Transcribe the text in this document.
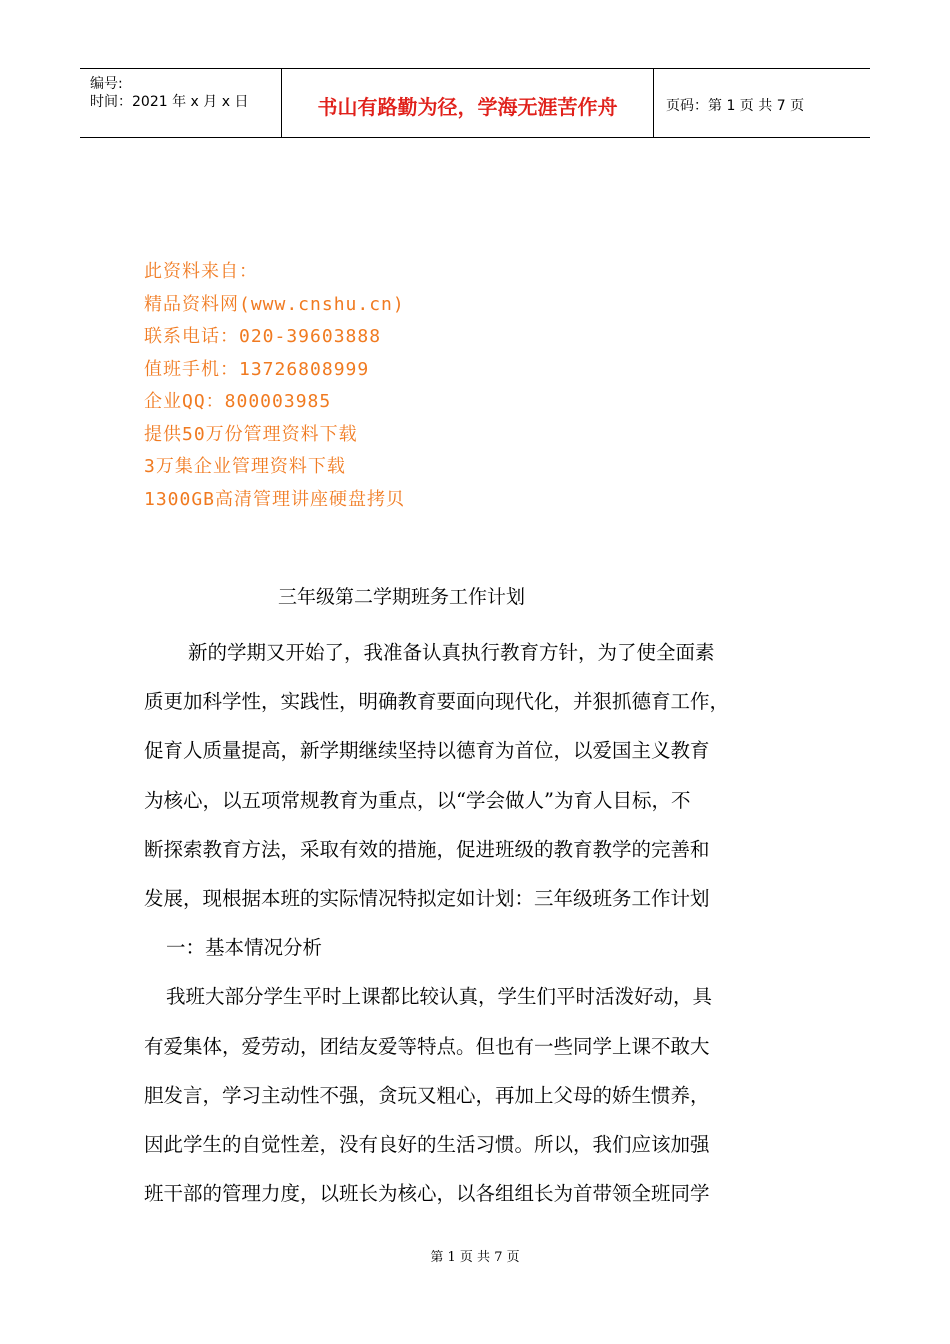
编号:
时间：2021 年 x 月 x 日	书山有路勤为径，学海无涯苦作舟	页码：第 1 页 共 7 页
此资料来自：
精品资料网(www.cnshu.cn)
联系电话：020-39603888
值班手机：13726808999
企业QQ：800003985
提供50万份管理资料下载
3万集企业管理资料下载
1300GB高清管理讲座硬盘拷贝
三年级第二学期班务工作计划
新的学期又开始了，我准备认真执行教育方针，为了使全面素
质更加科学性，实践性，明确教育要面向现代化，并狠抓德育工作，
促育人质量提高，新学期继续坚持以德育为首位，以爱国主义教育
为核心，以五项常规教育为重点，以“学会做人”为育人目标，不
断探索教育方法，采取有效的措施，促进班级的教育教学的完善和
发展，现根据本班的实际情况特拟定如计划：三年级班务工作计划
一：基本情况分析
我班大部分学生平时上课都比较认真，学生们平时活泼好动，具
有爱集体，爱劳动，团结友爱等特点。但也有一些同学上课不敢大
胆发言，学习主动性不强，贪玩又粗心，再加上父母的娇生惯养，
因此学生的自觉性差，没有良好的生活习惯。所以，我们应该加强
班干部的管理力度，以班长为核心，以各组组长为首带领全班同学
第 1 页 共 7 页
